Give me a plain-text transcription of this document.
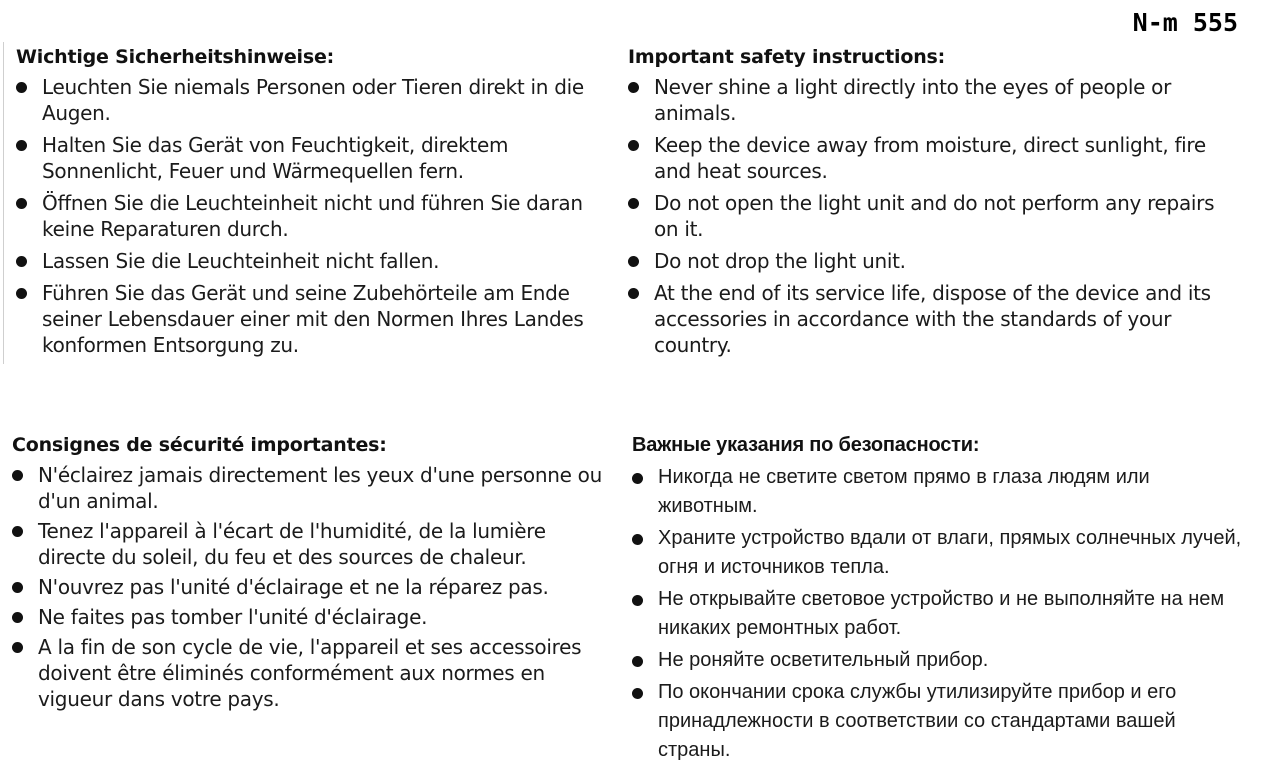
N-m 555
Wichtige Sicherheitshinweise:
Leuchten Sie niemals Personen oder Tieren direkt in die Augen.
Halten Sie das Gerät von Feuchtigkeit, direktem Sonnenlicht, Feuer und Wärmequellen fern.
Öffnen Sie die Leuchteinheit nicht und führen Sie daran keine Reparaturen durch.
Lassen Sie die Leuchteinheit nicht fallen.
Führen Sie das Gerät und seine Zubehörteile am Ende seiner Lebensdauer einer mit den Normen Ihres Landes konformen Entsorgung zu.
Important safety instructions:
Never shine a light directly into the eyes of people or animals.
Keep the device away from moisture, direct sunlight, fire and heat sources.
Do not open the light unit and do not perform any repairs on it.
Do not drop the light unit.
At the end of its service life, dispose of the device and its accessories in accordance with the standards of your country.
Consignes de sécurité importantes:
N'éclairez jamais directement les yeux d'une personne ou d'un animal.
Tenez l'appareil à l'écart de l'humidité, de la lumière directe du soleil, du feu et des sources de chaleur.
N'ouvrez pas l'unité d'éclairage et ne la réparez pas.
Ne faites pas tomber l'unité d'éclairage.
A la fin de son cycle de vie, l'appareil et ses accessoires doivent être éliminés conformément aux normes en vigueur dans votre pays.
Важные указания по безопасности:
Никогда не светите светом прямо в глаза людям или животным.
Храните устройство вдали от влаги, прямых солнечных лучей, огня и источников тепла.
Не открывайте световое устройство и не выполняйте на нем никаких ремонтных работ.
Не роняйте осветительный прибор.
По окончании срока службы утилизируйте прибор и его принадлежности в соответствии со стандартами вашей страны.
